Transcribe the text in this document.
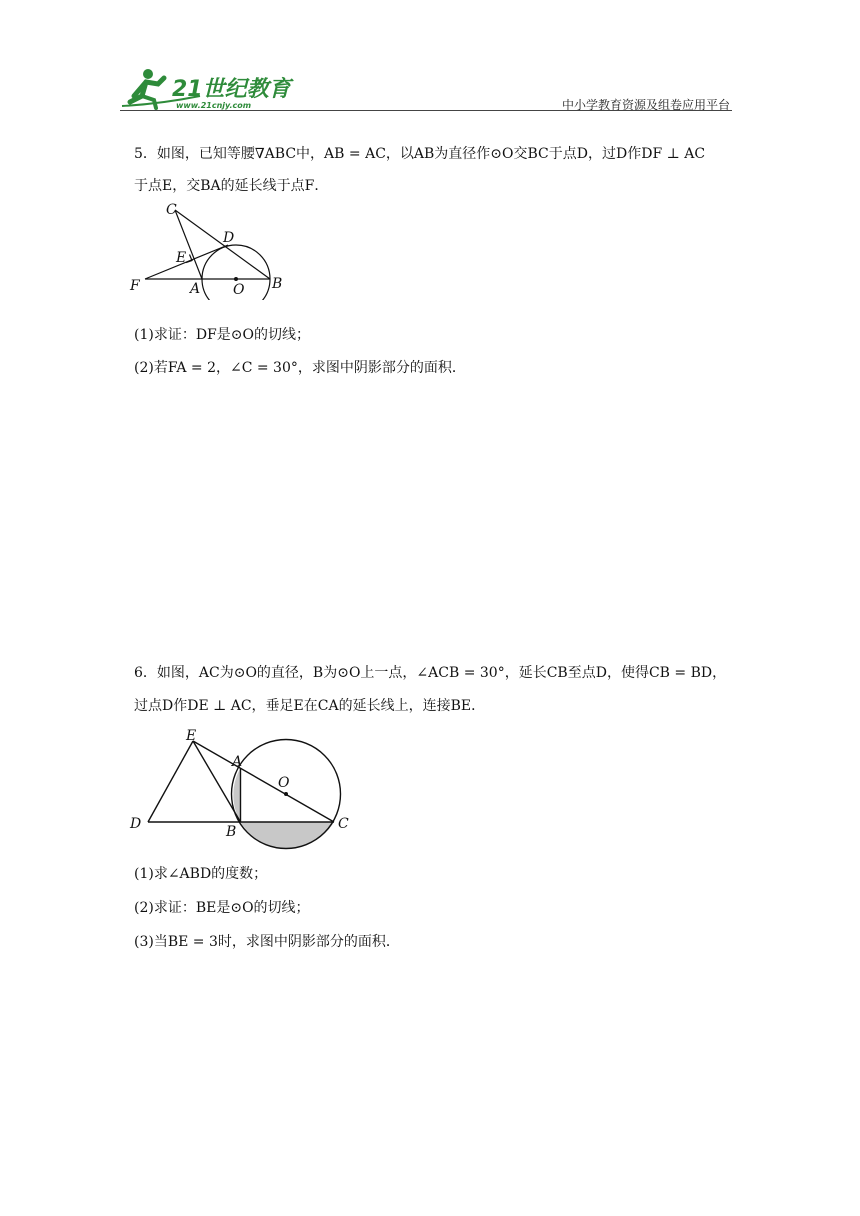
21世纪教育
www.21cnjy.com	中小学教育资源及组卷应用平台
5．如图，已知等腰∇ABC中，AB = AC，以AB为直径作⊙O交BC于点D，过D作DF ⊥ AC
于点E，交BA的延长线于点F．
C
D
E
F	A O B
(1)求证：DF是⊙O的切线；
(2)若FA = 2，∠C = 30°，求图中阴影部分的面积．
6．如图，AC为⊙O的直径，B为⊙O上一点，∠ACB = 30°，延长CB至点D，使得CB = BD，
过点D作DE ⊥ AC，垂足E在CA的延长线上，连接BE．
E
A
O
D	B	C
(1)求∠ABD的度数；
(2)求证：BE是⊙O的切线；
(3)当BE = 3时，求图中阴影部分的面积．
